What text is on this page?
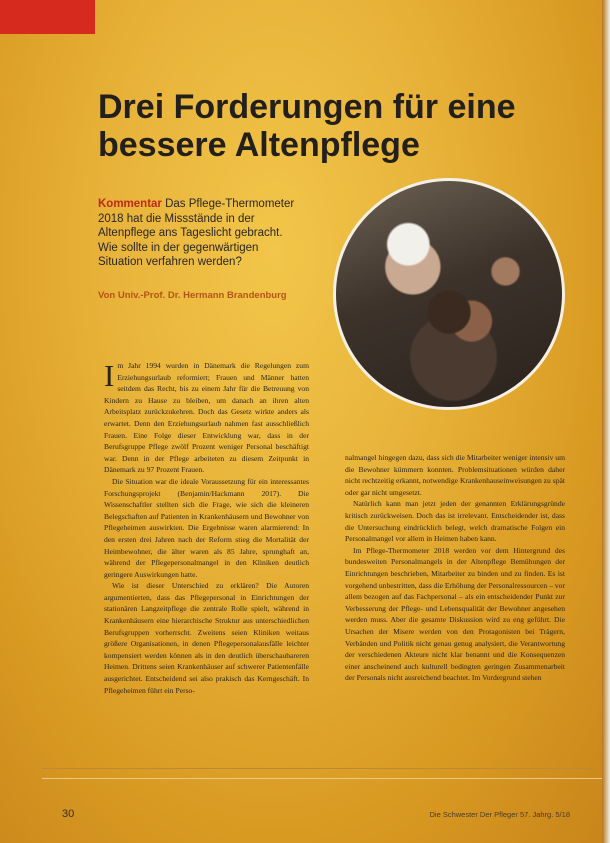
Drei Forderungen für eine bessere Altenpflege

Kommentar Das Pflege-Thermometer 2018 hat die Missstände in der Altenpflege ans Tageslicht gebracht. Wie sollte in der gegenwärtigen Situation verfahren werden?

Von Univ.-Prof. Dr. Hermann Brandenburg

Im Jahr 1994 wurden in Dänemark die Regelungen zum Erziehungsurlaub reformiert; Frauen und Männer hatten seitdem das Recht, bis zu einem Jahr für die Betreuung von Kindern zu Hause zu bleiben, um danach an ihren alten Arbeitsplatz zurückzukehren. Doch das Gesetz wirkte anders als erwartet. Denn den Erziehungsurlaub nahmen fast ausschließlich Frauen. Eine Folge dieser Entwicklung war, dass in der Berufsgruppe Pflege zwölf Prozent weniger Personal beschäftigt war. Denn in der Pflege arbeiteten zu diesem Zeitpunkt in Dänemark zu 97 Prozent Frauen.

Die Situation war die ideale Voraussetzung für ein interessantes Forschungsprojekt (Benjamin/Hackmann 2017). Die Wissenschaftler stellten sich die Frage, wie sich die kleineren Belegschaften auf Patienten in Krankenhäusern und Bewohner von Pflegeheimen auswirkten. Die Ergebnisse waren alarmierend: In den ersten drei Jahren nach der Reform stieg die Mortalität der Heimbewohner, die älter waren als 85 Jahre, sprunghaft an, während der Pflegepersonalmangel in den Kliniken deutlich geringere Auswirkungen hatte.

Wie ist dieser Unterschied zu erklären? Die Autoren argumentierten, dass das Pflegepersonal in Einrichtungen der stationären Langzeitpflege die zentrale Rolle spielt, während in Krankenhäusern eine hierarchische Struktur aus unterschiedlichen Berufsgruppen vorherrscht. Zweitens seien Kliniken weitaus größere Organisationen, in denen Pflegepersonalausfälle leichter kompensiert werden können als in den deutlich überschaubareren Heimen. Drittens seien Krankenhäuser auf schwerer Patientenfälle ausgerichtet. Entscheidend sei also prakisch das Kerngeschäft. In Pflegeheimen führt ein Perso-

nalmangel hingegen dazu, dass sich die Mitarbeiter weniger intensiv um die Bewohner kümmern konnten. Problemsituationen würden daher nicht rechtzeitig erkannt, notwendige Krankenhauseinweisungen zu spät oder gar nicht umgesetzt.

Natürlich kann man jetzt jeden der genannten Erklärungsgründe kritisch zurückweisen. Doch das ist irrelevant. Entscheidender ist, dass die Untersuchung eindrücklich belegt, welch dramatische Folgen ein Personalmangel vor allem in Heimen haben kann.

Im Pflege-Thermometer 2018 werden vor dem Hintergrund des bundesweiten Personalmangels in der Altenpflege Bemühungen der Einrichtungen beschrieben, Mitarbeiter zu binden und zu finden. Es ist vorgehend unbestritten, dass die Erhöhung der Personalressourcen – vor allem bezogen auf das Fachpersonal – als ein entscheidender Punkt zur Verbesserung der Pflege- und Lebensqualität der Bewohner angesehen werden muss. Aber die gesamte Diskussion wird zu eng geführt. Die Ursachen der Misere werden von den Protagonisten bei Trägern, Verbänden und Politik nicht genau genug analysiert, die Verantwortung der verschiedenen Akteure nicht klar benannt und die Konsequenzen einer anscheinend auch kulturell bedingten geringen Zusammenarbeit der Personals nicht ausreichend beachtet. Im Vordergrund stehen

30	Die Schwester Der Pfleger 57. Jahrg. 5/18
